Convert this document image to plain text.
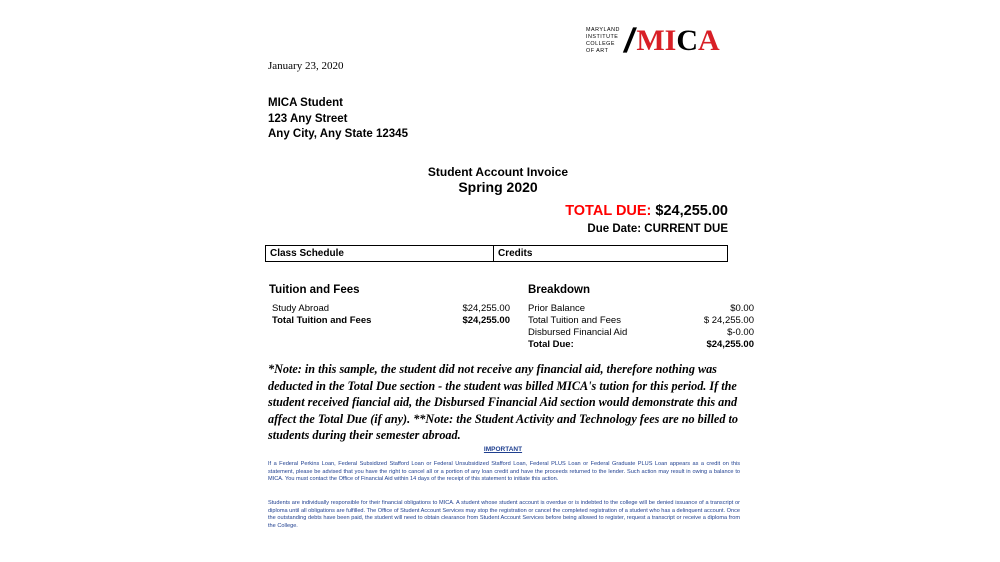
MARYLAND
INSTITUTE
COLLEGE
OF ART /
MICA
January 23, 2020
MICA Student
123 Any Street
Any City, Any State 12345
Student Account Invoice
Spring 2020
TOTAL DUE: $24,255.00
Due Date: CURRENT DUE
Class Schedule	Credits
Tuition and Fees
Study Abroad	$24,255.00
Total Tuition and Fees	$24,255.00
Breakdown
Prior Balance	$0.00
Total Tuition and Fees	$ 24,255.00
Disbursed Financial Aid	$-0.00
Total Due:	$24,255.00
*Note: in this sample, the student did not receive any financial aid, therefore nothing was deducted in the Total Due section - the student was billed MICA's tution for this period. If the student received fiancial aid, the Disbursed Financial Aid section would demonstrate this and affect the Total Due (if any). **Note: the Student Activity and Technology fees are no billed to students during their semester abroad.
IMPORTANT
If a Federal Perkins Loan, Federal Subsidized Stafford Loan or Federal Unsubsidized Stafford Loan, Federal PLUS Loan or Federal Graduate PLUS Loan appears as a credit on this statement, please be advised that you have the right to cancel all or a portion of any loan credit and have the proceeds returned to the lender. Such action may result in owing a balance to MICA. You must contact the Office of Financial Aid within 14 days of the receipt of this statement to initiate this action.
Students are individually responsible for their financial obligations to MICA. A student whose student account is overdue or is indebted to the college will be denied issuance of a transcript or diploma until all obligations are fulfilled. The Office of Student Account Services may stop the registration or cancel the completed registration of a student who has a delinquent account. Once the outstanding debts have been paid, the student will need to obtain clearance from Student Account Services before being allowed to register, request a transcript or receive a diploma from the College.
